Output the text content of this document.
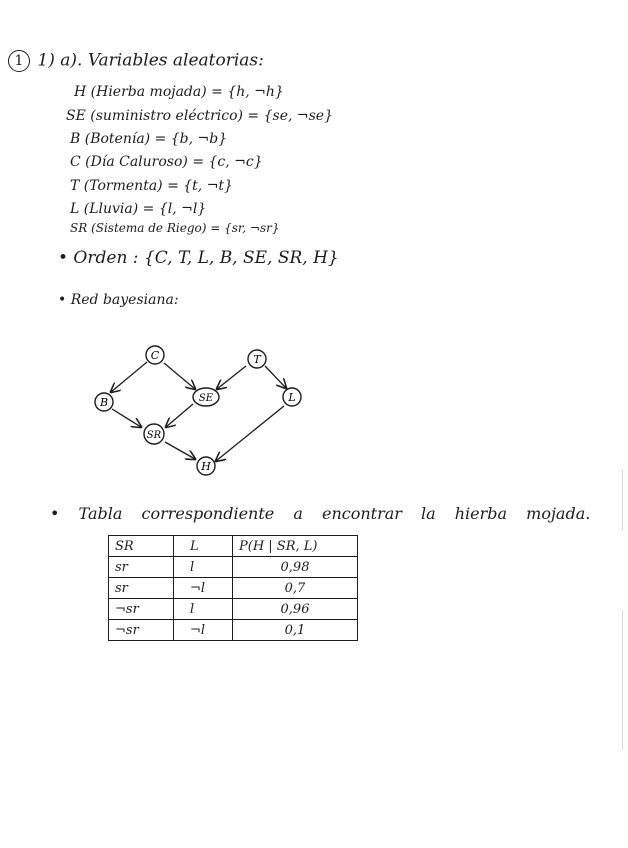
1 1) a). Variables aleatorias:
H (Hierba mojada) = {h, ¬h}
SE (suministro eléctrico) = {se, ¬se}
B (Botenía) = {b, ¬b}
C (Día Caluroso) = {c, ¬c}
T (Tormenta) = {t, ¬t}
L (Lluvia) = {l, ¬l}
SR (Sistema de Riego) = {sr, ¬sr}
• Orden : {C, T, L, B, SE, SR, H}
• Red bayesiana:
C	T
B	SE	L
SR
H
• Tabla correspondiente a encontrar la hierba mojada.
SR	L	P(H | SR, L)
sr	l	0,98
sr	¬l	0,7
¬sr	l	0,96
¬sr	¬l	0,1
